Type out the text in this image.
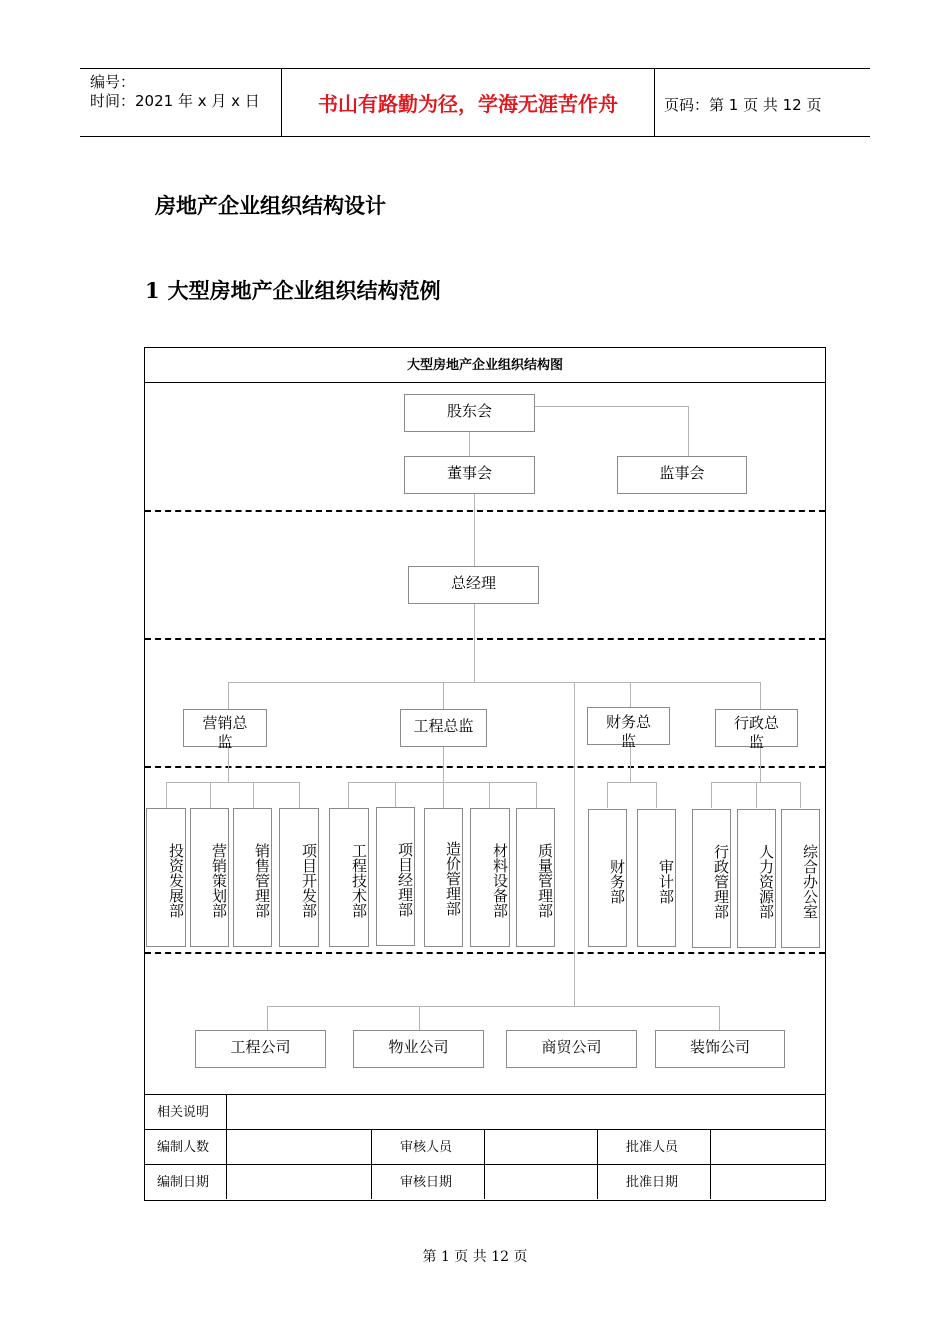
编号：
时间：2021 年 x 月 x 日	书山有路勤为径，学海无涯苦作舟	页码：第 1 页 共 12 页
房地产企业组织结构设计
1 大型房地产企业组织结构范例
大型房地产企业组织结构图
股东会
董事会	监事会
总经理
营销总监
工程总监	财务总监
行政总监
投资发展部	营销策划部	销售管理部	项目开发部	工程技术部	项目经理部	造价管理部	材料设备部	质量管理部	财务部	审计部	行政管理部	人力资源部	综合办公室
工程公司	物业公司	商贸公司	装饰公司
相关说明
编制人数	审核人员	批准人员
编制日期	审核日期	批准日期
第 1 页 共 12 页
